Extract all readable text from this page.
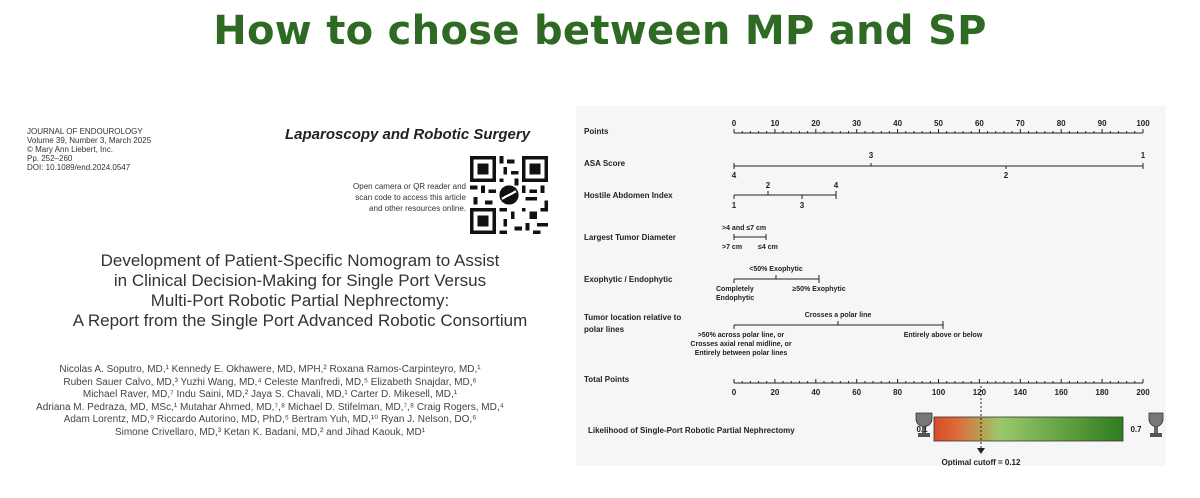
How to chose between MP and SP
JOURNAL OF ENDOUROLOGY
Volume 39, Number 3, March 2025
© Mary Ann Liebert, Inc.
Pp. 252–260
DOI: 10.1089/end.2024.0547
Laparoscopy and Robotic Surgery
Open camera or QR reader and
scan code to access this article
and other resources online.
Development of Patient-Specific Nomogram to Assist
in Clinical Decision-Making for Single Port Versus
Multi-Port Robotic Partial Nephrectomy:
A Report from the Single Port Advanced Robotic Consortium
Nicolas A. Soputro, MD,¹ Kennedy E. Okhawere, MD, MPH,² Roxana Ramos-Carpinteyro, MD,¹
Ruben Sauer Calvo, MD,³ Yuzhi Wang, MD,⁴ Celeste Manfredi, MD,⁵ Elizabeth Snajdar, MD,⁶
Michael Raver, MD,⁷ Indu Saini, MD,² Jaya S. Chavali, MD,¹ Carter D. Mikesell, MD,¹
Adriana M. Pedraza, MD, MSc,¹ Mutahar Ahmed, MD,⁷,⁸ Michael D. Stifelman, MD,⁷,⁸ Craig Rogers, MD,⁴
Adam Lorentz, MD,⁹ Riccardo Autorino, MD, PhD,⁵ Bertram Yuh, MD,¹⁰ Ryan J. Nelson, DO,⁶
Simone Crivellaro, MD,³ Ketan K. Badani, MD,² and Jihad Kaouk, MD¹
Points
0	10	20	30	40	50	60	70	80	90	100
ASA Score
3	1
4	2
Hostile Abdomen Index
2	4
1	3
Largest Tumor Diameter
>4 and ≤7 cm
>7 cm ≤4 cm
Exophytic / Endophytic
<50% Exophytic
Completely
Endophytic
≥50% Exophytic
Tumor location relative to
polar lines
Crosses a polar line
>50% across polar line, or
Crosses axial renal midline, or
Entirely between polar lines
Entirely above or below
Total Points
0	20	40	60	80	100	120	140	160	180	200
Likelihood of Single-Port Robotic Partial Nephrectomy	0.1	0.7
Optimal cutoff = 0.12
